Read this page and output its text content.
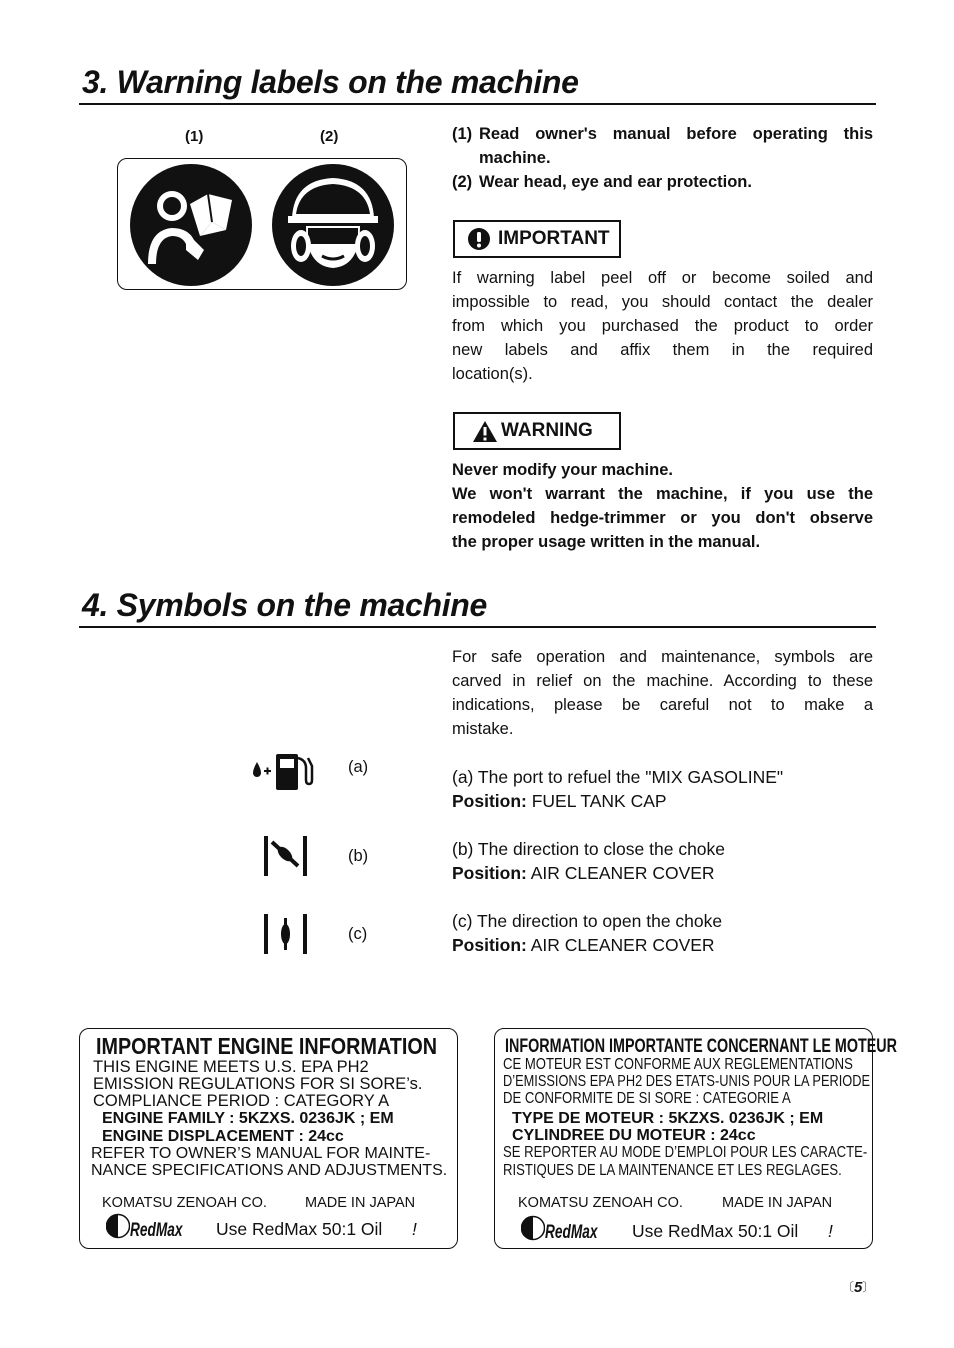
3. Warning labels on the machine
(1)	(2)	(1) Read owner's manual before operating this
machine.
(2) Wear head, eye and ear protection.
IMPORTANT
If warning label peel off or become soiled and
impossible to read, you should contact the dealer
from which you purchased the product to order
new labels and affix them in the required
location(s).
WARNING
Never modify your machine.
We won't warrant the machine, if you use the
remodeled hedge-trimmer or you don't observe
the proper usage written in the manual.
4. Symbols on the machine
For safe operation and maintenance, symbols are
carved in relief on the machine. According to these
indications, please be careful not to make a
mistake.
(a)
(b)
(c)
(a) The port to refuel the "MIX GASOLINE"
Position: FUEL TANK CAP
(b) The direction to close the choke
Position: AIR CLEANER COVER
(c) The direction to open the choke
Position: AIR CLEANER COVER
IMPORTANT ENGINE INFORMATION
THIS ENGINE MEETS U.S. EPA PH2
EMISSION REGULATIONS FOR SI SORE’s.
COMPLIANCE PERIOD : CATEGORY A
ENGINE FAMILY : 5KZXS. 0236JK ; EM
ENGINE DISPLACEMENT : 24cc
REFER TO OWNER’S MANUAL FOR MAINTE-
NANCE SPECIFICATIONS AND ADJUSTMENTS.
KOMATSU ZENOAH CO.	MADE IN JAPAN
RedMax Use RedMax 50:1 Oil !
INFORMATION IMPORTANTE CONCERNANT LE MOTEUR
CE MOTEUR EST CONFORME AUX REGLEMENTATIONS
D’EMISSIONS EPA PH2 DES ETATS-UNIS POUR LA PERIODE
DE CONFORMITE DE SI SORE : CATEGORIE A
TYPE DE MOTEUR : 5KZXS. 0236JK ; EM
CYLINDREE DU MOTEUR : 24cc
SE REPORTER AU MODE D’EMPLOI POUR LES CARACTE-
RISTIQUES DE LA MAINTENANCE ET LES REGLAGES.
KOMATSU ZENOAH CO.	MADE IN JAPAN
RedMax Use RedMax 50:1 Oil !
〔5〕
